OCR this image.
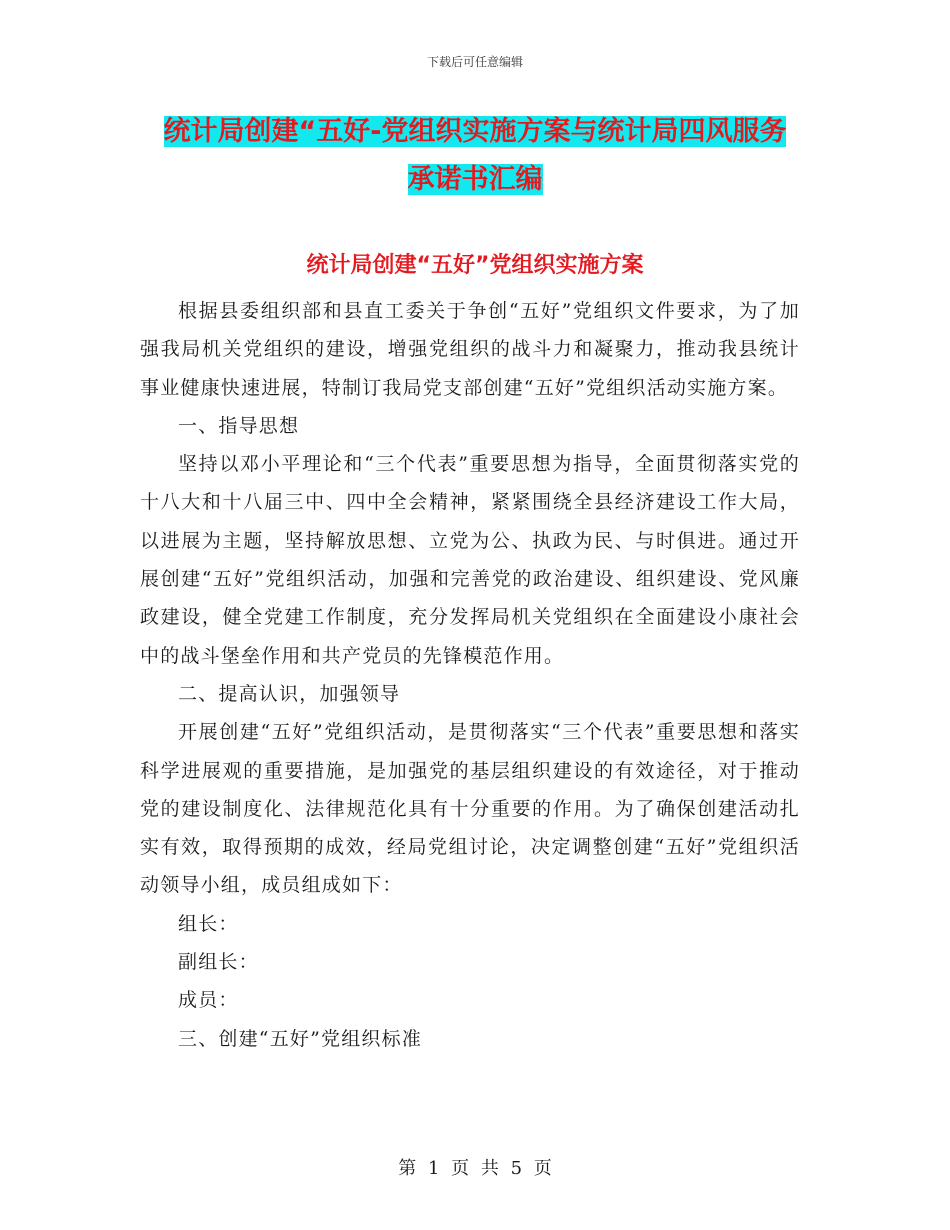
下载后可任意编辑
统计局创建“五好-党组织实施方案与统计局四风服务
承诺书汇编
统计局创建“五好”党组织实施方案

根据县委组织部和县直工委关于争创“五好”党组织文件要求，为了加强我局机关党组织的建设，增强党组织的战斗力和凝聚力，推动我县统计事业健康快速进展，特制订我局党支部创建“五好”党组织活动实施方案。

一、指导思想

坚持以邓小平理论和“三个代表”重要思想为指导，全面贯彻落实党的十八大和十八届三中、四中全会精神，紧紧围绕全县经济建设工作大局，以进展为主题，坚持解放思想、立党为公、执政为民、与时俱进。通过开展创建“五好”党组织活动，加强和完善党的政治建设、组织建设、党风廉政建设，健全党建工作制度，充分发挥局机关党组织在全面建设小康社会中的战斗堡垒作用和共产党员的先锋模范作用。

二、提高认识，加强领导

开展创建“五好”党组织活动，是贯彻落实“三个代表”重要思想和落实科学进展观的重要措施，是加强党的基层组织建设的有效途径，对于推动党的建设制度化、法律规范化具有十分重要的作用。为了确保创建活动扎实有效，取得预期的成效，经局党组讨论，决定调整创建“五好”党组织活动领导小组，成员组成如下：

组长：

副组长：

成员：

三、创建“五好”党组织标准

第 1 页 共 5 页
